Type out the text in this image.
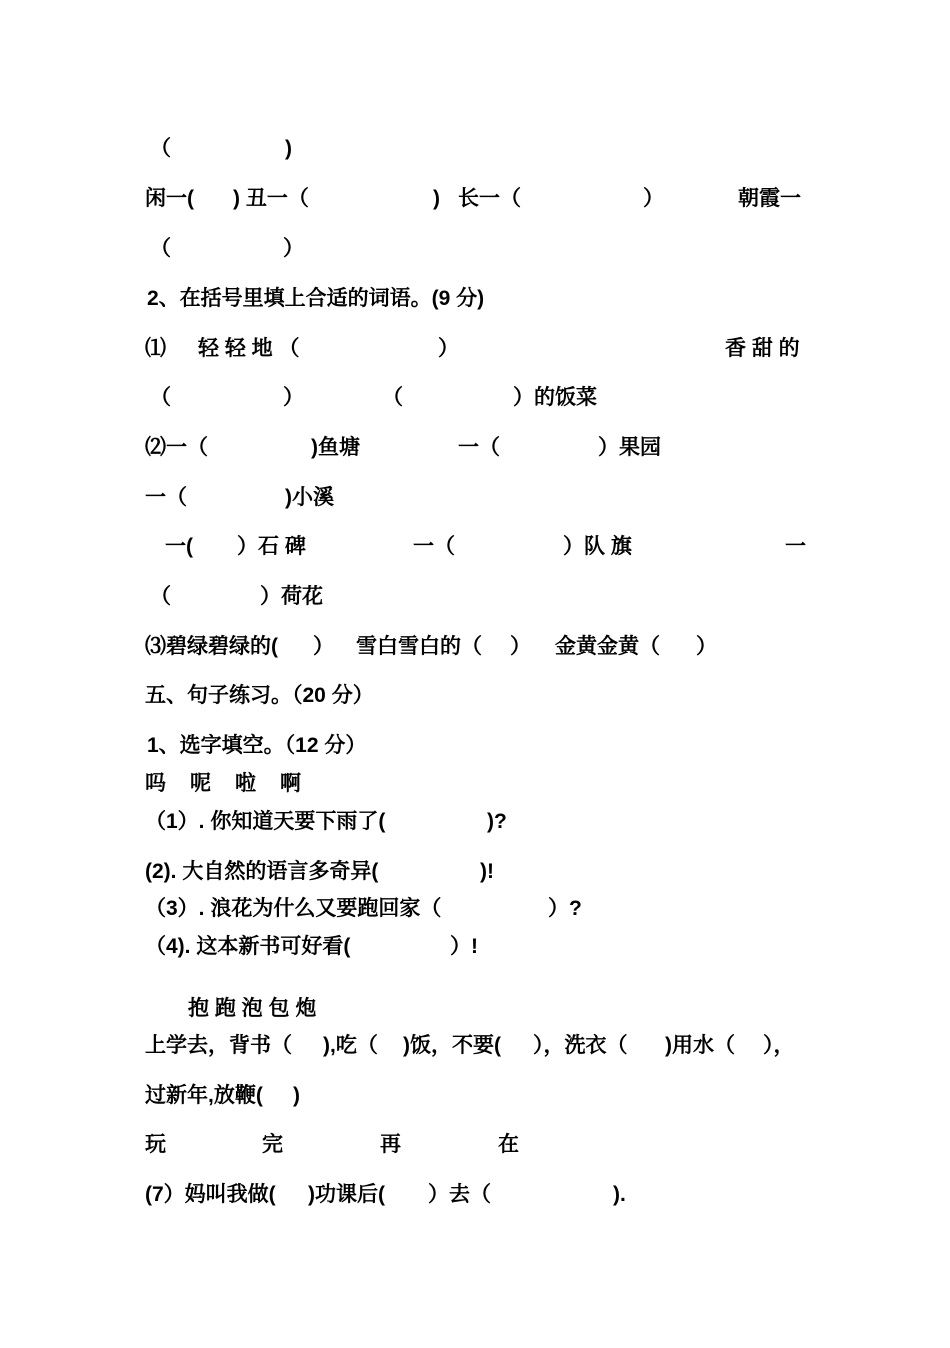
（

	)

闲一(

) 丑一（

	)

长一（

	）

	朝霞一

（

	）

2、在括号里填上合适的词语。(9 分)

⑴

轻 轻 地 （

	）

	香 甜 的

（

	）

	（

	）的饭菜

⑵一（

	)鱼塘

	一（

	）果园

一（

	)小溪

一(

）石 碑

	一（

	）队 旗

	一

（

	）荷花

⑶碧绿碧绿的(

）

雪白雪白的（

）

金黄金黄（

）

五、句子练习。（20 分）

1、选字填空。（12 分）

吗

呢

啦

啊

（1）. 你知道天要下雨了(

	)?

(2). 大自然的语言多奇异(

	)!

（3）. 浪花为什么又要跑回家（

	）?

（4). 这本新书可好看(

	）!

抱 跑 泡 包 炮

上学去，背书（

),吃（

)饭，不要(

），洗衣（

)用水（

），

过新年,放鞭(

)

玩

	完

	再

	在

(7）妈叫我做(

)功课后(

）去（

	).
